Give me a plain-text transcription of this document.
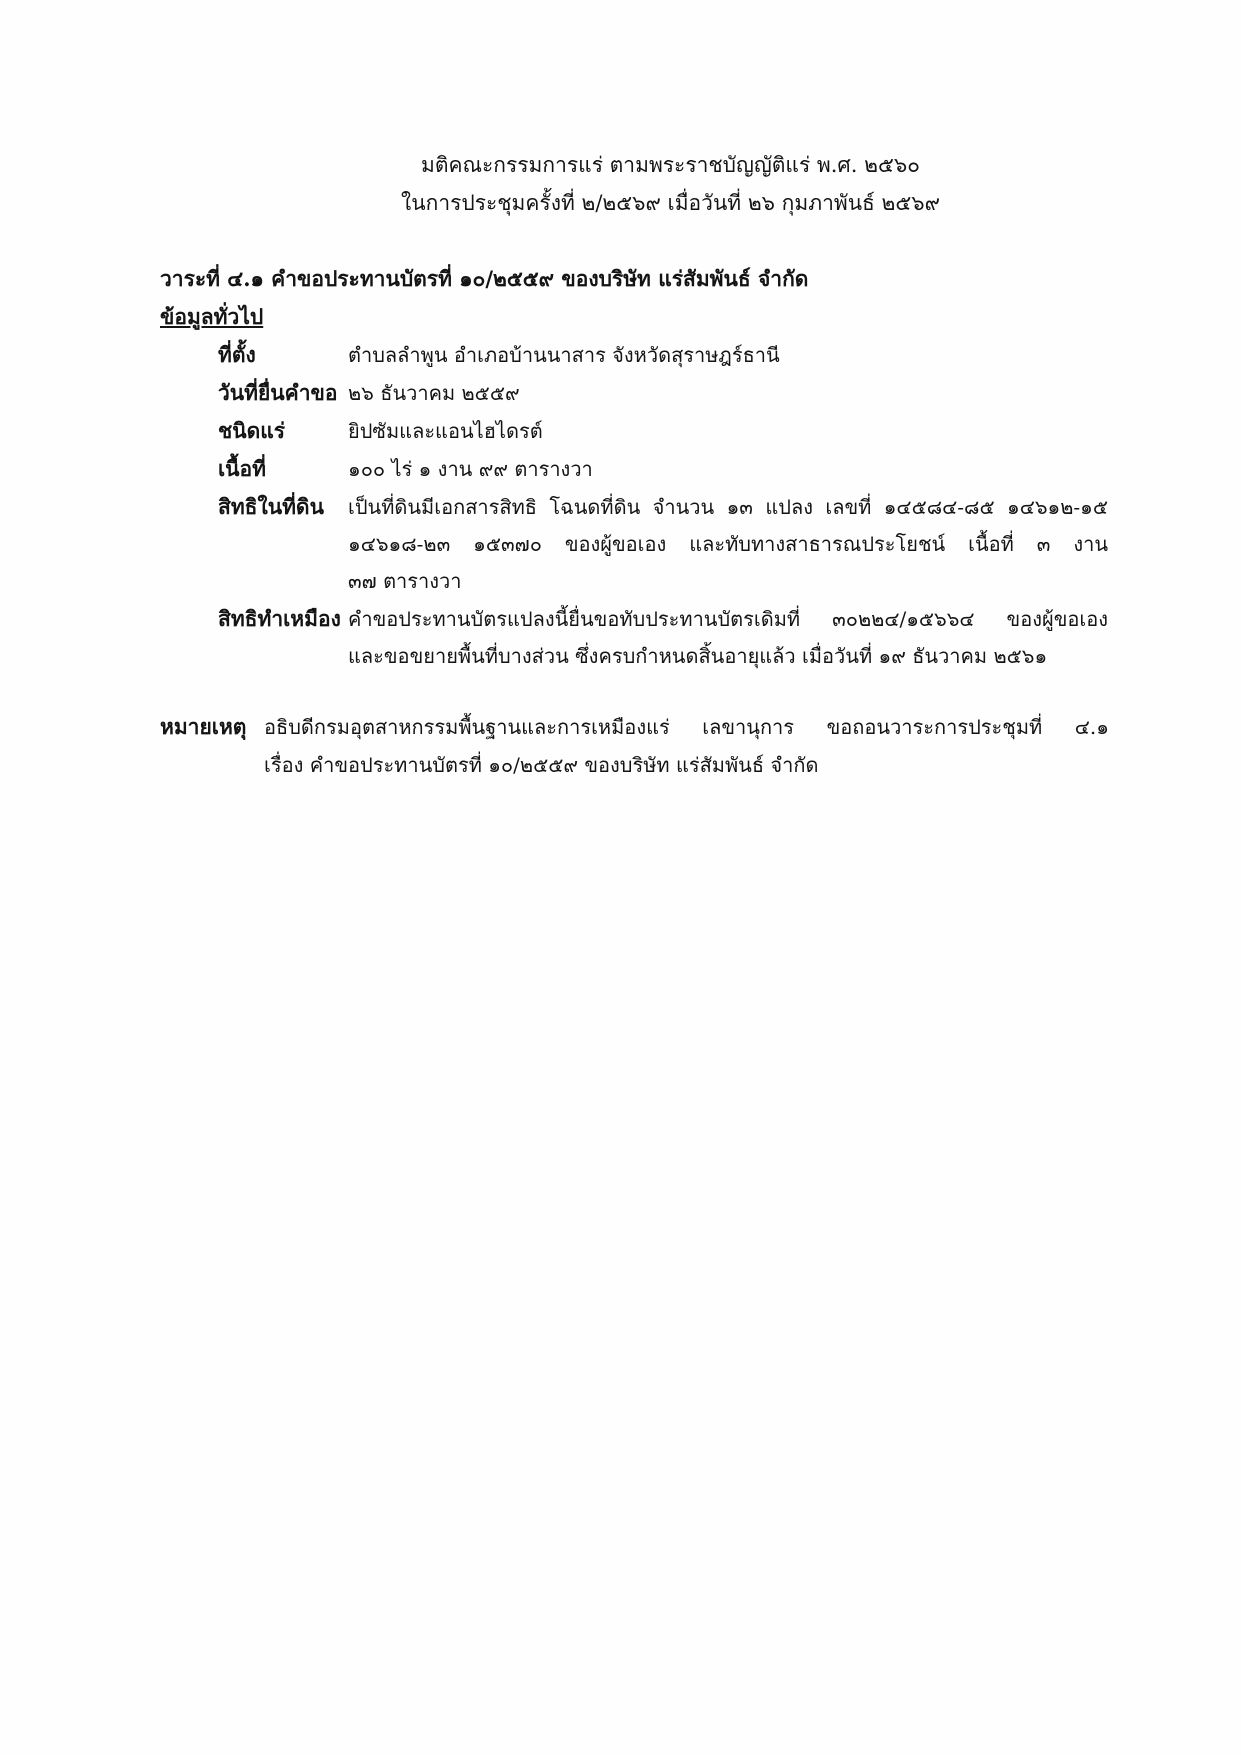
มติคณะกรรมการแร่ ตามพระราชบัญญัติแร่ พ.ศ. ๒๕๖๐
ในการประชุมครั้งที่ ๒/๒๕๖๙ เมื่อวันที่ ๒๖ กุมภาพันธ์ ๒๕๖๙
วาระที่ ๔.๑ คำขอประทานบัตรที่ ๑๐/๒๕๕๙ ของบริษัท แร่สัมพันธ์ จำกัด
ข้อมูลทั่วไป
ที่ตั้ง	ตำบลลำพูน อำเภอบ้านนาสาร จังหวัดสุราษฎร์ธานี
วันที่ยื่นคำขอ ๒๖ ธันวาคม ๒๕๕๙
ชนิดแร่	ยิปซัมและแอนไฮไดรต์
เนื้อที่	๑๐๐ ไร่ ๑ งาน ๙๙ ตารางวา
สิทธิในที่ดิน เป็นที่ดินมีเอกสารสิทธิ โฉนดที่ดิน จำนวน ๑๓ แปลง เลขที่ ๑๔๕๘๔-๘๕ ๑๔๖๑๒-๑๕
๑๔๖๑๘-๒๓ ๑๕๓๗๐ ของผู้ขอเอง และทับทางสาธารณประโยชน์ เนื้อที่ ๓ งาน
๓๗ ตารางวา
สิทธิทำเหมือง คำขอประทานบัตรแปลงนี้ยื่นขอทับประทานบัตรเดิมที่ ๓๐๒๒๔/๑๕๖๖๔ ของผู้ขอเอง
และขอขยายพื้นที่บางส่วน ซึ่งครบกำหนดสิ้นอายุแล้ว เมื่อวันที่ ๑๙ ธันวาคม ๒๕๖๑
หมายเหตุ อธิบดีกรมอุตสาหกรรมพื้นฐานและการเหมืองแร่ เลขานุการ ขอถอนวาระการประชุมที่ ๔.๑
เรื่อง คำขอประทานบัตรที่ ๑๐/๒๕๕๙ ของบริษัท แร่สัมพันธ์ จำกัด
